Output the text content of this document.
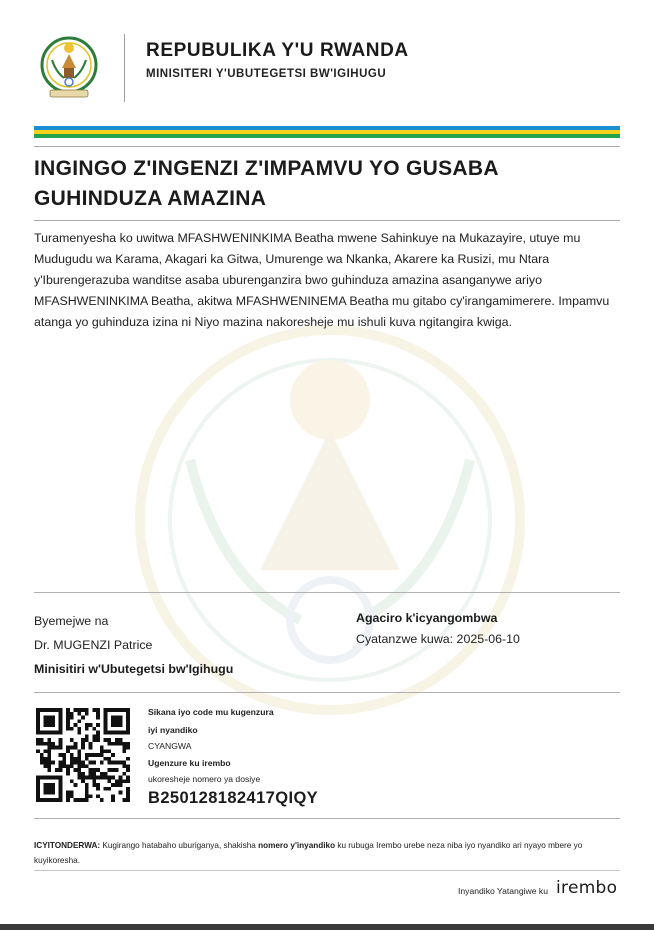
REPUBULIKA Y'U RWANDA
MINISITERI Y'UBUTEGETSI BW'IGIHUGU
INGINGO Z'INGENZI Z'IMPAMVU YO GUSABA GUHINDUZA AMAZINA

Turamenyesha ko uwitwa MFASHWENINKIMA Beatha mwene Sahinkuye na Mukazayire, utuye mu Mudugudu wa Karama, Akagari ka Gitwa, Umurenge wa Nkanka, Akarere ka Rusizi, mu Ntara y'Iburengerazuba wanditse asaba uburenganzira bwo guhinduza amazina asanganywe ariyo MFASHWENINKIMA Beatha, akitwa MFASHWENINEMA Beatha mu gitabo cy'irangamimerere. Impamvu atanga yo guhinduza izina ni Niyo mazina nakoresheje mu ishuli kuva ngitangira kwiga.

Byemejwe na
Dr. MUGENZI Patrice
Minisitiri w'Ubutegetsi bw'Igihugu
Agaciro k'icyangombwa
Cyatanzwe kuwa: 2025-06-10
Sikana iyo code mu kugenzura
iyi nyandiko
CYANGWA
Ugenzure ku irembo
ukoresheje nomero ya dosiye
B250128182417QIQY

ICYITONDERWA: Kugirango hatabaho uburiganya, shakisha nomero y'inyandiko ku rubuga Irembo urebe neza niba iyo nyandiko ari nyayo mbere yo kuyikoresha.

Inyandiko Yatangiwe ku irembo
